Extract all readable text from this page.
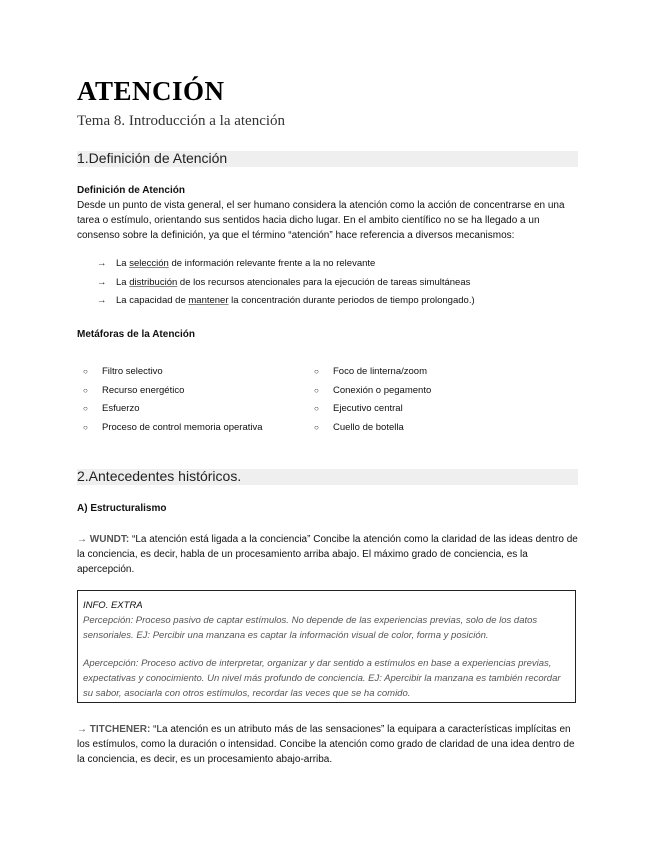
ATENCIÓN
Tema 8. Introducción a la atención
1.Definición de Atención
Definición de Atención
Desde un punto de vista general, el ser humano considera la atención como la acción de concentrarse en una tarea o estímulo, orientando sus sentidos hacia dicho lugar. En el ambito científico no se ha llegado a un consenso sobre la definición, ya que el término “atención” hace referencia a diversos mecanismos:
→ La selección de información relevante frente a la no relevante
→ La distribución de los recursos atencionales para la ejecución de tareas simultáneas
→ La capacidad de mantener la concentración durante periodos de tiempo prolongado.)
Metáforas de la Atención
○ Filtro selectivo
○ Recurso energético
○ Esfuerzo
○ Proceso de control memoria operativa
○ Foco de linterna/zoom
○ Conexión o pegamento
○ Ejecutivo central
○ Cuello de botella
2.Antecedentes históricos.
A) Estructuralismo
→ WUNDT: “La atención está ligada a la conciencia” Concibe la atención como la claridad de las ideas dentro de la conciencia, es decir, habla de un procesamiento arriba abajo. El máximo grado de conciencia, es la apercepción.
INFO. EXTRA
Percepción: Proceso pasivo de captar estímulos. No depende de las experiencias previas, solo de los datos sensoriales. EJ: Percibir una manzana es captar la información visual de color, forma y posición.
Apercepción: Proceso activo de interpretar, organizar y dar sentido a estímulos en base a experiencias previas, expectativas y conocimiento. Un nivel más profundo de conciencia. EJ: Apercibir la manzana es también recordar su sabor, asociarla con otros estímulos, recordar las veces que se ha comido.
→ TITCHENER: “La atención es un atributo más de las sensaciones” la equipara a características implícitas en los estímulos, como la duración o intensidad. Concibe la atención como grado de claridad de una idea dentro de la conciencia, es decir, es un procesamiento abajo-arriba.
